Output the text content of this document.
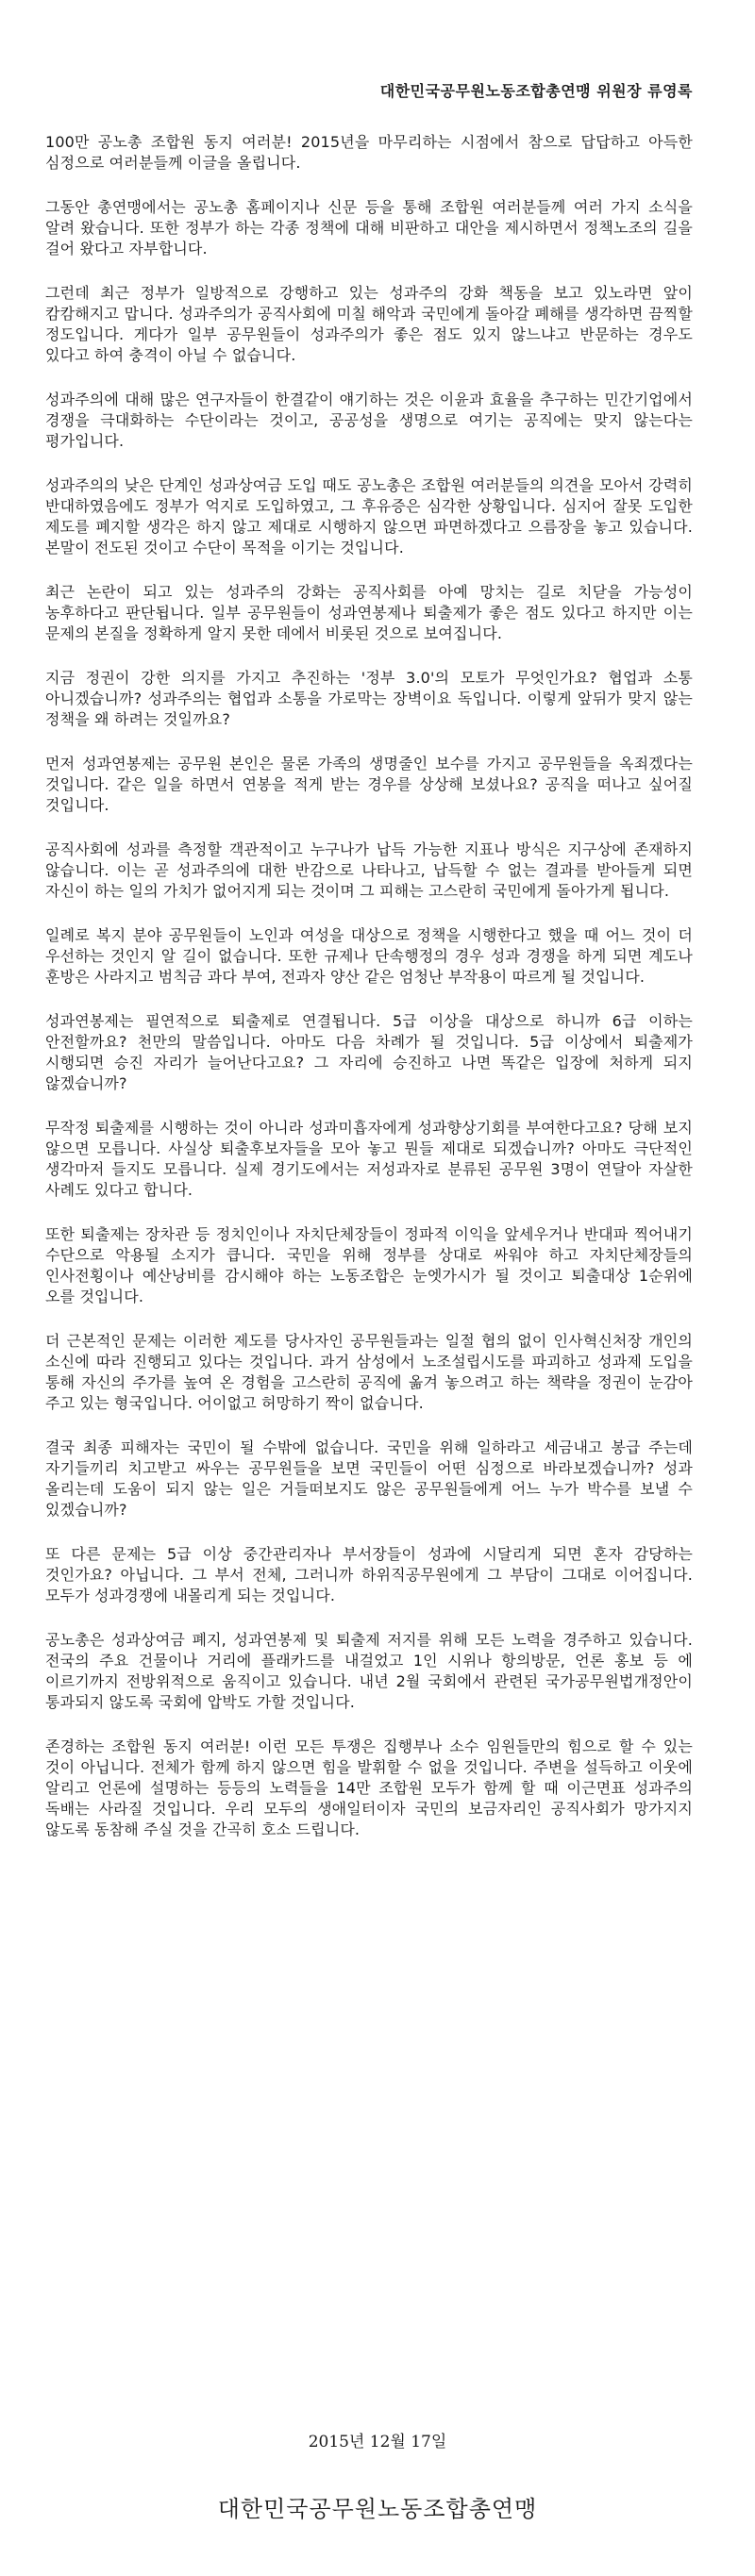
대한민국공무원노동조합총연맹 위원장 류영록

100만 공노총 조합원 동지 여러분! 2015년을 마무리하는 시점에서 참으로 답답하고 아득한 심정으로 여러분들께 이글을 올립니다.

그동안 총연맹에서는 공노총 홈페이지나 신문 등을 통해 조합원 여러분들께 여러 가지 소식을 알려 왔습니다. 또한 정부가 하는 각종 정책에 대해 비판하고 대안을 제시하면서 정책노조의 길을 걸어 왔다고 자부합니다.

그런데 최근 정부가 일방적으로 강행하고 있는 성과주의 강화 책동을 보고 있노라면 앞이 캄캄해지고 맙니다. 성과주의가 공직사회에 미칠 해악과 국민에게 돌아갈 폐해를 생각하면 끔찍할 정도입니다. 게다가 일부 공무원들이 성과주의가 좋은 점도 있지 않느냐고 반문하는 경우도 있다고 하여 충격이 아닐 수 없습니다.

성과주의에 대해 많은 연구자들이 한결같이 얘기하는 것은 이윤과 효율을 추구하는 민간기업에서 경쟁을 극대화하는 수단이라는 것이고, 공공성을 생명으로 여기는 공직에는 맞지 않는다는 평가입니다.

성과주의의 낮은 단계인 성과상여금 도입 때도 공노총은 조합원 여러분들의 의견을 모아서 강력히 반대하였음에도 정부가 억지로 도입하였고, 그 후유증은 심각한 상황입니다. 심지어 잘못 도입한 제도를 폐지할 생각은 하지 않고 제대로 시행하지 않으면 파면하겠다고 으름장을 놓고 있습니다. 본말이 전도된 것이고 수단이 목적을 이기는 것입니다.

최근 논란이 되고 있는 성과주의 강화는 공직사회를 아예 망치는 길로 치닫을 가능성이 농후하다고 판단됩니다. 일부 공무원들이 성과연봉제나 퇴출제가 좋은 점도 있다고 하지만 이는 문제의 본질을 정확하게 알지 못한 데에서 비롯된 것으로 보여집니다.

지금 정권이 강한 의지를 가지고 추진하는 '정부 3.0'의 모토가 무엇인가요? 협업과 소통 아니겠습니까? 성과주의는 협업과 소통을 가로막는 장벽이요 독입니다. 이렇게 앞뒤가 맞지 않는 정책을 왜 하려는 것일까요?

먼저 성과연봉제는 공무원 본인은 물론 가족의 생명줄인 보수를 가지고 공무원들을 옥죄겠다는 것입니다. 같은 일을 하면서 연봉을 적게 받는 경우를 상상해 보셨나요? 공직을 떠나고 싶어질 것입니다.

공직사회에 성과를 측정할 객관적이고 누구나가 납득 가능한 지표나 방식은 지구상에 존재하지 않습니다. 이는 곧 성과주의에 대한 반감으로 나타나고, 납득할 수 없는 결과를 받아들게 되면 자신이 하는 일의 가치가 없어지게 되는 것이며 그 피해는 고스란히 국민에게 돌아가게 됩니다.

일례로 복지 분야 공무원들이 노인과 여성을 대상으로 정책을 시행한다고 했을 때 어느 것이 더 우선하는 것인지 알 길이 없습니다. 또한 규제나 단속행정의 경우 성과 경쟁을 하게 되면 계도나 훈방은 사라지고 범칙금 과다 부여, 전과자 양산 같은 엄청난 부작용이 따르게 될 것입니다.

성과연봉제는 필연적으로 퇴출제로 연결됩니다. 5급 이상을 대상으로 하니까 6급 이하는 안전할까요? 천만의 말씀입니다. 아마도 다음 차례가 될 것입니다. 5급 이상에서 퇴출제가 시행되면 승진 자리가 늘어난다고요? 그 자리에 승진하고 나면 똑같은 입장에 처하게 되지 않겠습니까?

무작정 퇴출제를 시행하는 것이 아니라 성과미흡자에게 성과향상기회를 부여한다고요? 당해 보지 않으면 모릅니다. 사실상 퇴출후보자들을 모아 놓고 뭔들 제대로 되겠습니까? 아마도 극단적인 생각마저 들지도 모릅니다. 실제 경기도에서는 저성과자로 분류된 공무원 3명이 연달아 자살한 사례도 있다고 합니다.

또한 퇴출제는 장차관 등 정치인이나 자치단체장들이 정파적 이익을 앞세우거나 반대파 찍어내기 수단으로 악용될 소지가 큽니다. 국민을 위해 정부를 상대로 싸워야 하고 자치단체장들의 인사전횡이나 예산낭비를 감시해야 하는 노동조합은 눈엣가시가 될 것이고 퇴출대상 1순위에 오를 것입니다.

더 근본적인 문제는 이러한 제도를 당사자인 공무원들과는 일절 협의 없이 인사혁신처장 개인의 소신에 따라 진행되고 있다는 것입니다. 과거 삼성에서 노조설립시도를 파괴하고 성과제 도입을 통해 자신의 주가를 높여 온 경험을 고스란히 공직에 옮겨 놓으려고 하는 책략을 정권이 눈감아 주고 있는 형국입니다. 어이없고 허망하기 짝이 없습니다.

결국 최종 피해자는 국민이 될 수밖에 없습니다. 국민을 위해 일하라고 세금내고 봉급 주는데 자기들끼리 치고받고 싸우는 공무원들을 보면 국민들이 어떤 심정으로 바라보겠습니까? 성과 올리는데 도움이 되지 않는 일은 거들떠보지도 않은 공무원들에게 어느 누가 박수를 보낼 수 있겠습니까?

또 다른 문제는 5급 이상 중간관리자나 부서장들이 성과에 시달리게 되면 혼자 감당하는 것인가요? 아닙니다. 그 부서 전체, 그러니까 하위직공무원에게 그 부담이 그대로 이어집니다. 모두가 성과경쟁에 내몰리게 되는 것입니다.

공노총은 성과상여금 폐지, 성과연봉제 및 퇴출제 저지를 위해 모든 노력을 경주하고 있습니다. 전국의 주요 건물이나 거리에 플래카드를 내걸었고 1인 시위나 항의방문, 언론 홍보 등 에 이르기까지 전방위적으로 움직이고 있습니다. 내년 2월 국회에서 관련된 국가공무원법개정안이 통과되지 않도록 국회에 압박도 가할 것입니다.

존경하는 조합원 동지 여러분! 이런 모든 투쟁은 집행부나 소수 임원들만의 힘으로 할 수 있는 것이 아닙니다. 전체가 함께 하지 않으면 힘을 발휘할 수 없을 것입니다. 주변을 설득하고 이웃에 알리고 언론에 설명하는 등등의 노력들을 14만 조합원 모두가 함께 할 때 이근면표 성과주의 독배는 사라질 것입니다. 우리 모두의 생애일터이자 국민의 보금자리인 공직사회가 망가지지 않도록 동참해 주실 것을 간곡히 호소 드립니다.

2015년 12월 17일
대한민국공무원노동조합총연맹
